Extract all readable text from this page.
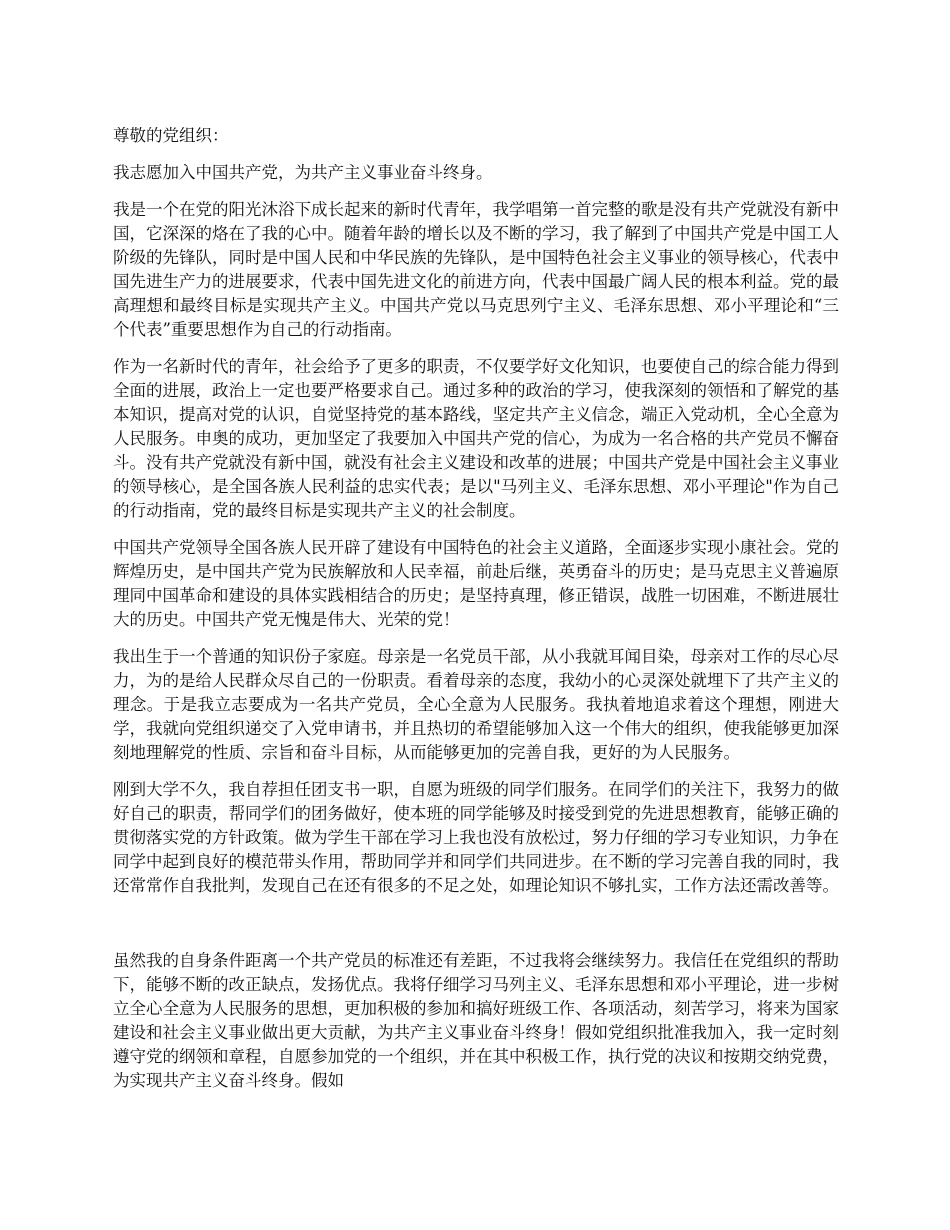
尊敬的党组织：

我志愿加入中国共产党，为共产主义事业奋斗终身。

我是一个在党的阳光沐浴下成长起来的新时代青年，我学唱第一首完整的歌是没有共产党就没有新中国，它深深的烙在了我的心中。随着年龄的增长以及不断的学习，我了解到了中国共产党是中国工人阶级的先锋队，同时是中国人民和中华民族的先锋队，是中国特色社会主义事业的领导核心，代表中国先进生产力的进展要求，代表中国先进文化的前进方向，代表中国最广阔人民的根本利益。党的最高理想和最终目标是实现共产主义。中国共产党以马克思列宁主义、毛泽东思想、邓小平理论和“三个代表”重要思想作为自己的行动指南。

作为一名新时代的青年，社会给予了更多的职责，不仅要学好文化知识，也要使自己的综合能力得到全面的进展，政治上一定也要严格要求自己。通过多种的政治的学习，使我深刻的领悟和了解党的基本知识，提高对党的认识，自觉坚持党的基本路线，坚定共产主义信念，端正入党动机，全心全意为人民服务。申奥的成功，更加坚定了我要加入中国共产党的信心，为成为一名合格的共产党员不懈奋斗。没有共产党就没有新中国，就没有社会主义建设和改革的进展；中国共产党是中国社会主义事业的领导核心，是全国各族人民利益的忠实代表；是以"马列主义、毛泽东思想、邓小平理论"作为自己的行动指南，党的最终目标是实现共产主义的社会制度。

中国共产党领导全国各族人民开辟了建设有中国特色的社会主义道路，全面逐步实现小康社会。党的辉煌历史，是中国共产党为民族解放和人民幸福，前赴后继，英勇奋斗的历史；是马克思主义普遍原理同中国革命和建设的具体实践相结合的历史；是坚持真理，修正错误，战胜一切困难，不断进展壮大的历史。中国共产党无愧是伟大、光荣的党！

我出生于一个普通的知识份子家庭。母亲是一名党员干部，从小我就耳闻目染，母亲对工作的尽心尽力，为的是给人民群众尽自己的一份职责。看着母亲的态度，我幼小的心灵深处就埋下了共产主义的理念。于是我立志要成为一名共产党员，全心全意为人民服务。我执着地追求着这个理想，刚进大学，我就向党组织递交了入党申请书，并且热切的希望能够加入这一个伟大的组织，使我能够更加深刻地理解党的性质、宗旨和奋斗目标，从而能够更加的完善自我，更好的为人民服务。

刚到大学不久，我自荐担任团支书一职，自愿为班级的同学们服务。在同学们的关注下，我努力的做好自己的职责，帮同学们的团务做好，使本班的同学能够及时接受到党的先进思想教育，能够正确的贯彻落实党的方针政策。做为学生干部在学习上我也没有放松过，努力仔细的学习专业知识，力争在同学中起到良好的模范带头作用，帮助同学并和同学们共同进步。在不断的学习完善自我的同时，我还常常作自我批判，发现自己在还有很多的不足之处，如理论知识不够扎实，工作方法还需改善等。

虽然我的自身条件距离一个共产党员的标准还有差距，不过我将会继续努力。我信任在党组织的帮助下，能够不断的改正缺点，发扬优点。我将仔细学习马列主义、毛泽东思想和邓小平理论，进一步树立全心全意为人民服务的思想，更加积极的参加和搞好班级工作、各项活动，刻苦学习，将来为国家建设和社会主义事业做出更大贡献，为共产主义事业奋斗终身！假如党组织批准我加入，我一定时刻遵守党的纲领和章程，自愿参加党的一个组织，并在其中积极工作，执行党的决议和按期交纳党费，为实现共产主义奋斗终身。假如
